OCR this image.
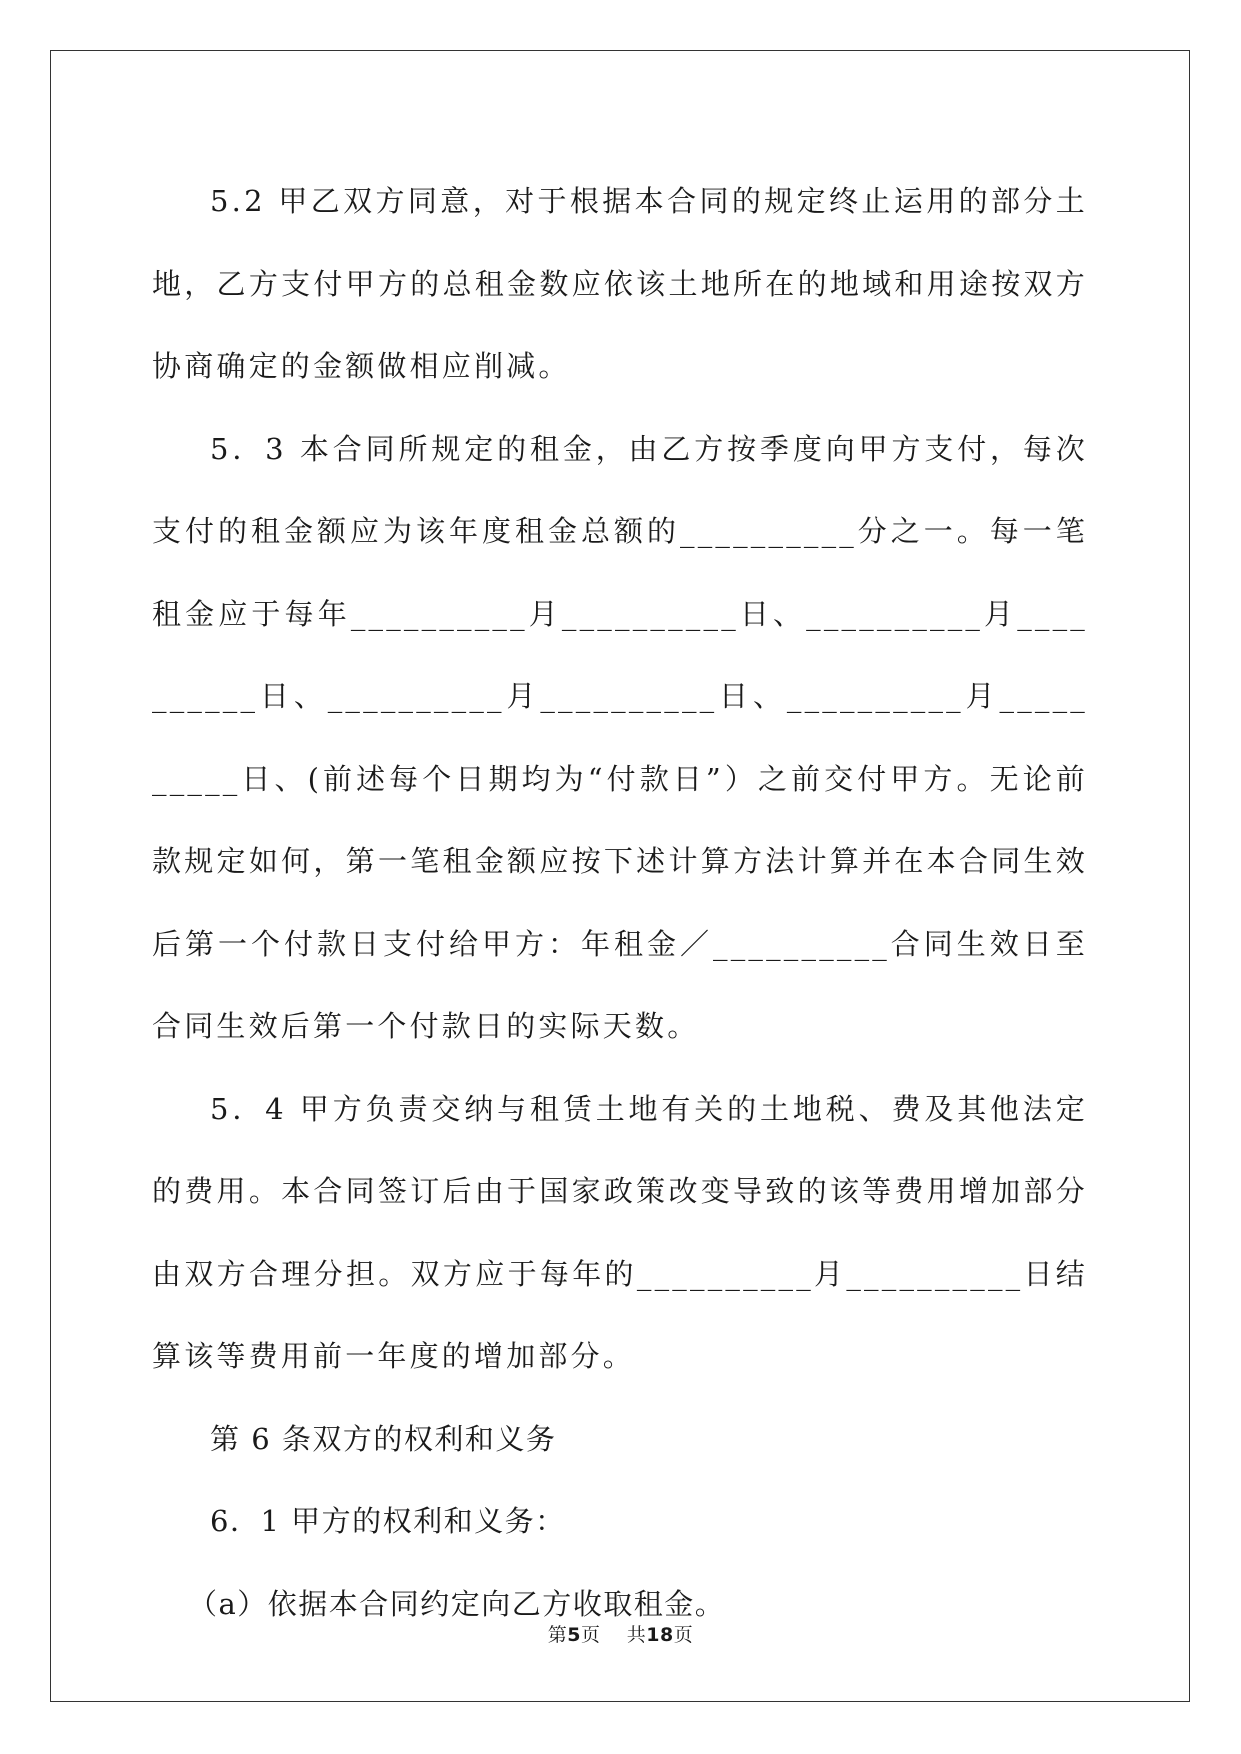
5.2 甲乙双方同意，对于根据本合同的规定终止运用的部分土地，乙方支付甲方的总租金数应依该土地所在的地域和用途按双方协商确定的金额做相应削减。

5．3 本合同所规定的租金，由乙方按季度向甲方支付，每次支付的租金额应为该年度租金总额的__________分之一。每一笔租金应于每年__________月__________日、__________月__________日、__________月__________日、__________月__________日、(前述每个日期均为“付款日”）之前交付甲方。无论前款规定如何，第一笔租金额应按下述计算方法计算并在本合同生效后第一个付款日支付给甲方：年租金／__________合同生效日至合同生效后第一个付款日的实际天数。

5．4 甲方负责交纳与租赁土地有关的土地税、费及其他法定的费用。本合同签订后由于国家政策改变导致的该等费用增加部分由双方合理分担。双方应于每年的__________月__________日结算该等费用前一年度的增加部分。

第 6 条双方的权利和义务

6．1 甲方的权利和义务：

（a）依据本合同约定向乙方收取租金。

第5页 共18页
